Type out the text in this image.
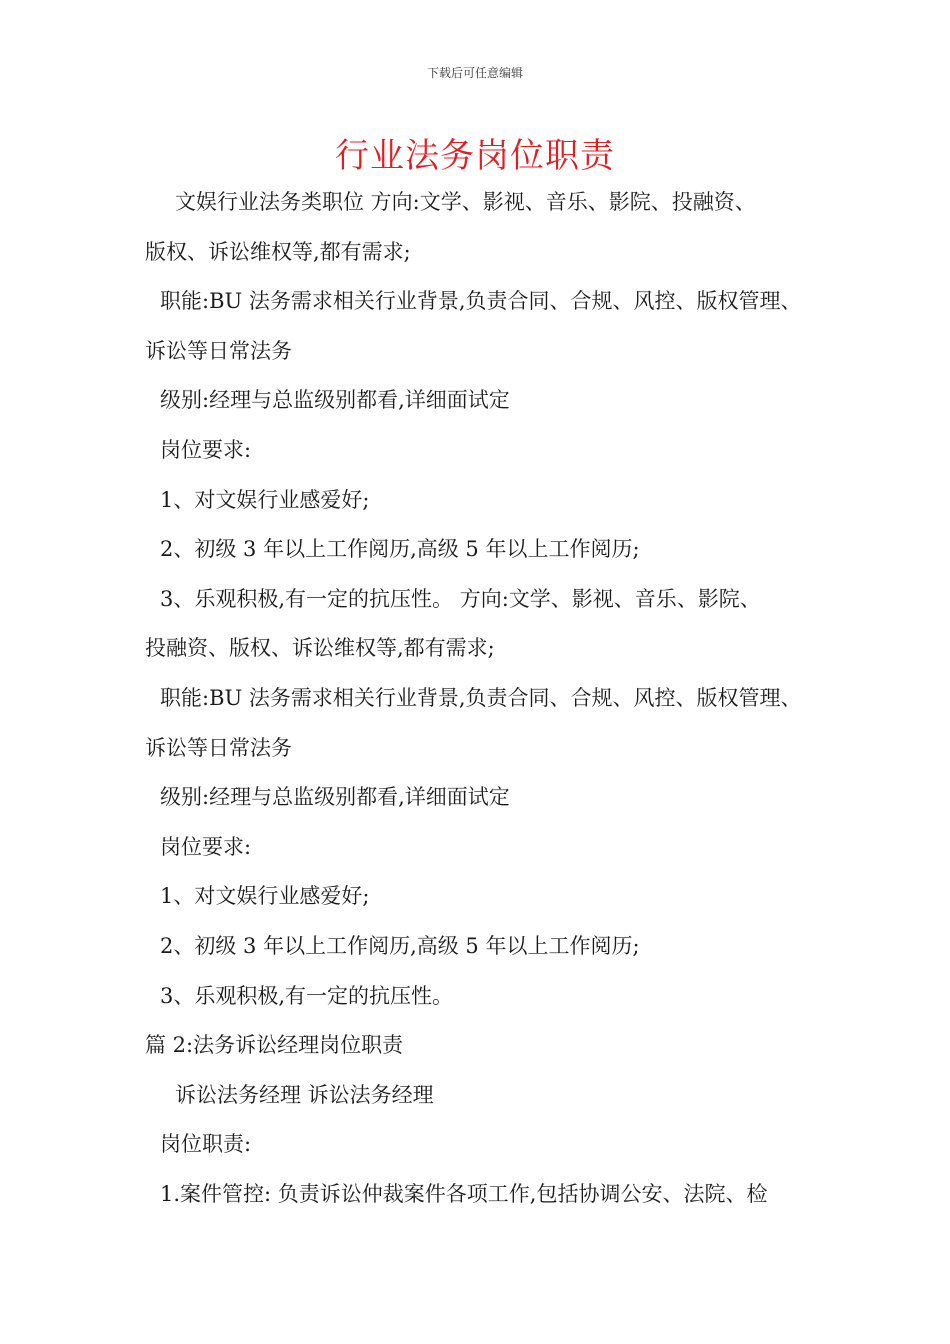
下载后可任意编辑
行业法务岗位职责
文娱行业法务类职位 方向:文学、影视、音乐、影院、投融资、
版权、诉讼维权等,都有需求;
职能:BU 法务需求相关行业背景,负责合同、合规、风控、版权管理、
诉讼等日常法务
级别:经理与总监级别都看,详细面试定
岗位要求:
1、对文娱行业感爱好;
2、初级 3 年以上工作阅历,高级 5 年以上工作阅历;
3、乐观积极,有一定的抗压性。 方向:文学、影视、音乐、影院、
投融资、版权、诉讼维权等,都有需求;
职能:BU 法务需求相关行业背景,负责合同、合规、风控、版权管理、
诉讼等日常法务
级别:经理与总监级别都看,详细面试定
岗位要求:
1、对文娱行业感爱好;
2、初级 3 年以上工作阅历,高级 5 年以上工作阅历;
3、乐观积极,有一定的抗压性。
篇 2:法务诉讼经理岗位职责
诉讼法务经理 诉讼法务经理
岗位职责:
1.案件管控: 负责诉讼仲裁案件各项工作,包括协调公安、法院、检
